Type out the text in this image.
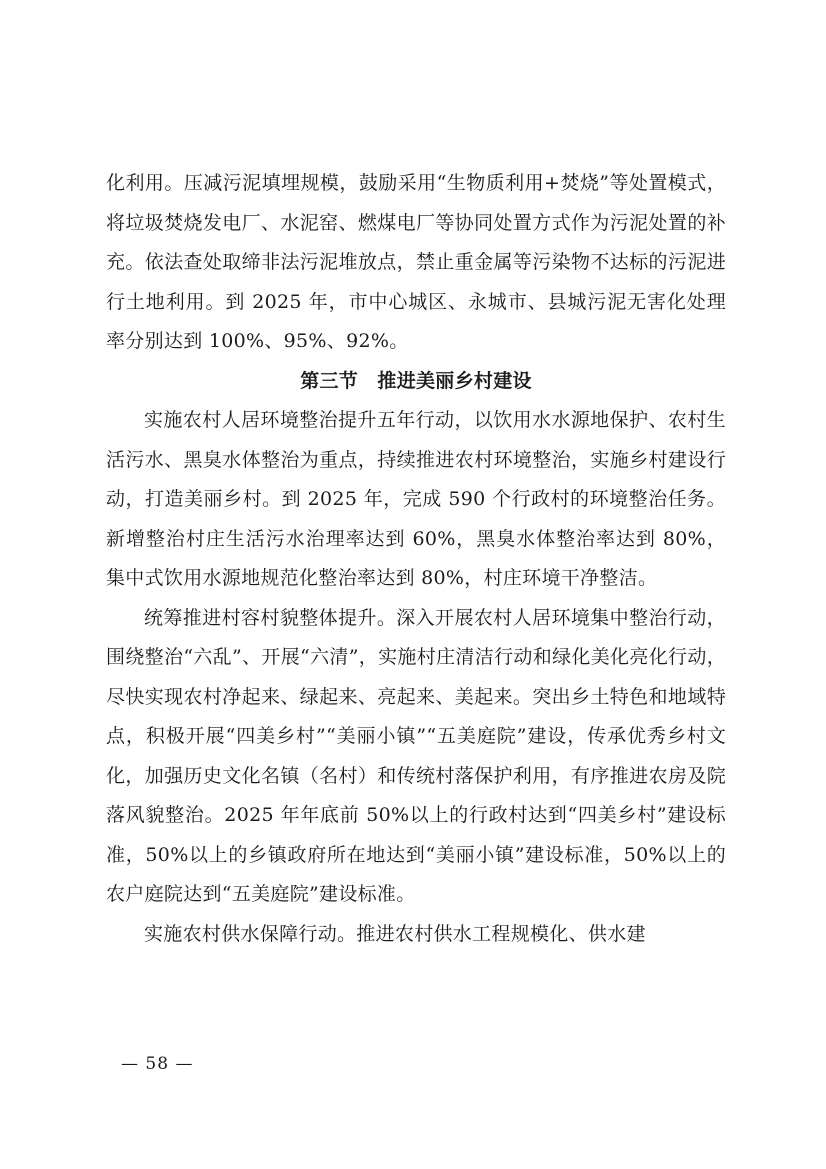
化利用。压减污泥填埋规模，鼓励采用“生物质利用+焚烧”等处置模式，将垃圾焚烧发电厂、水泥窑、燃煤电厂等协同处置方式作为污泥处置的补充。依法查处取缔非法污泥堆放点，禁止重金属等污染物不达标的污泥进行土地利用。到 2025 年，市中心城区、永城市、县城污泥无害化处理率分别达到 100%、95%、92%。

第三节　推进美丽乡村建设

实施农村人居环境整治提升五年行动，以饮用水水源地保护、农村生活污水、黑臭水体整治为重点，持续推进农村环境整治，实施乡村建设行动，打造美丽乡村。到 2025 年，完成 590 个行政村的环境整治任务。新增整治村庄生活污水治理率达到 60%，黑臭水体整治率达到 80%，集中式饮用水源地规范化整治率达到 80%，村庄环境干净整洁。

统筹推进村容村貌整体提升。深入开展农村人居环境集中整治行动，围绕整治“六乱”、开展“六清”，实施村庄清洁行动和绿化美化亮化行动，尽快实现农村净起来、绿起来、亮起来、美起来。突出乡土特色和地域特点，积极开展“四美乡村”“美丽小镇”“五美庭院”建设，传承优秀乡村文化，加强历史文化名镇（名村）和传统村落保护利用，有序推进农房及院落风貌整治。2025 年年底前 50%以上的行政村达到“四美乡村”建设标准，50%以上的乡镇政府所在地达到“美丽小镇”建设标准，50%以上的农户庭院达到“五美庭院”建设标准。

实施农村供水保障行动。推进农村供水工程规模化、供水建

— 58 —
